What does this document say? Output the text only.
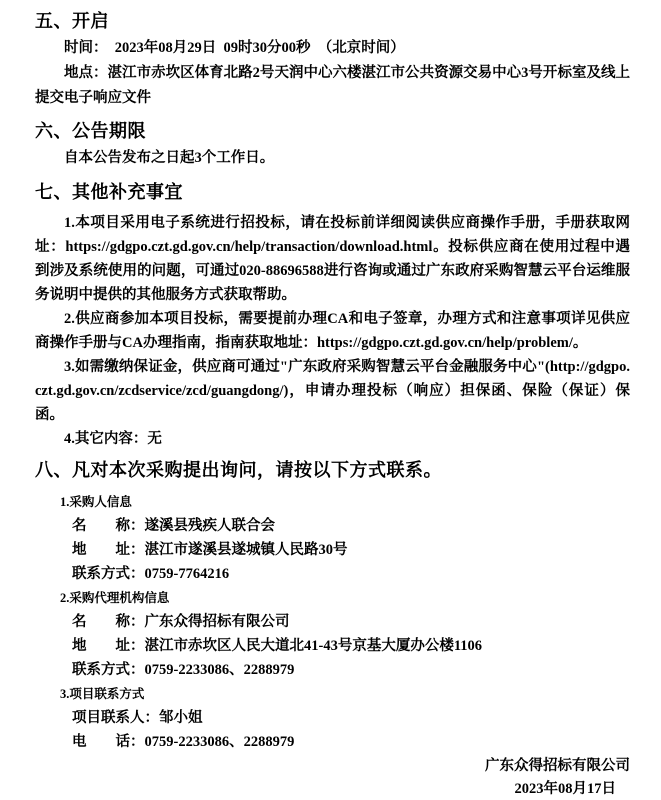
五、开启

时间：  2023年08月29日  09时30分00秒  （北京时间）

地点：湛江市赤坎区体育北路2号天润中心六楼湛江市公共资源交易中心3号开标室及线上提交电子响应文件

六、公告期限

自本公告发布之日起3个工作日。

七、其他补充事宜

1.本项目采用电子系统进行招投标，请在投标前详细阅读供应商操作手册，手册获取网址：https://gdgpo.czt.gd.gov.cn/help/transaction/download.html。投标供应商在使用过程中遇到涉及系统使用的问题，可通过020-88696588进行咨询或通过广东政府采购智慧云平台运维服务说明中提供的其他服务方式获取帮助。

2.供应商参加本项目投标，需要提前办理CA和电子签章，办理方式和注意事项详见供应商操作手册与CA办理指南，指南获取地址：https://gdgpo.czt.gd.gov.cn/help/problem/。

3.如需缴纳保证金，供应商可通过"广东政府采购智慧云平台金融服务中心"(http://gdgpo.czt.gd.gov.cn/zcdservice/zcd/guangdong/)，申请办理投标（响应）担保函、保险（保证）保函。

4.其它内容：无

八、凡对本次采购提出询问，请按以下方式联系。

1.采购人信息

名　　称：遂溪县残疾人联合会

地　　址：湛江市遂溪县遂城镇人民路30号

联系方式：0759-7764216

2.采购代理机构信息

名　　称：广东众得招标有限公司

地　　址：湛江市赤坎区人民大道北41-43号京基大厦办公楼1106

联系方式：0759-2233086、2288979

3.项目联系方式

项目联系人：邹小姐

电　　话：0759-2233086、2288979

广东众得招标有限公司

2023年08月17日
